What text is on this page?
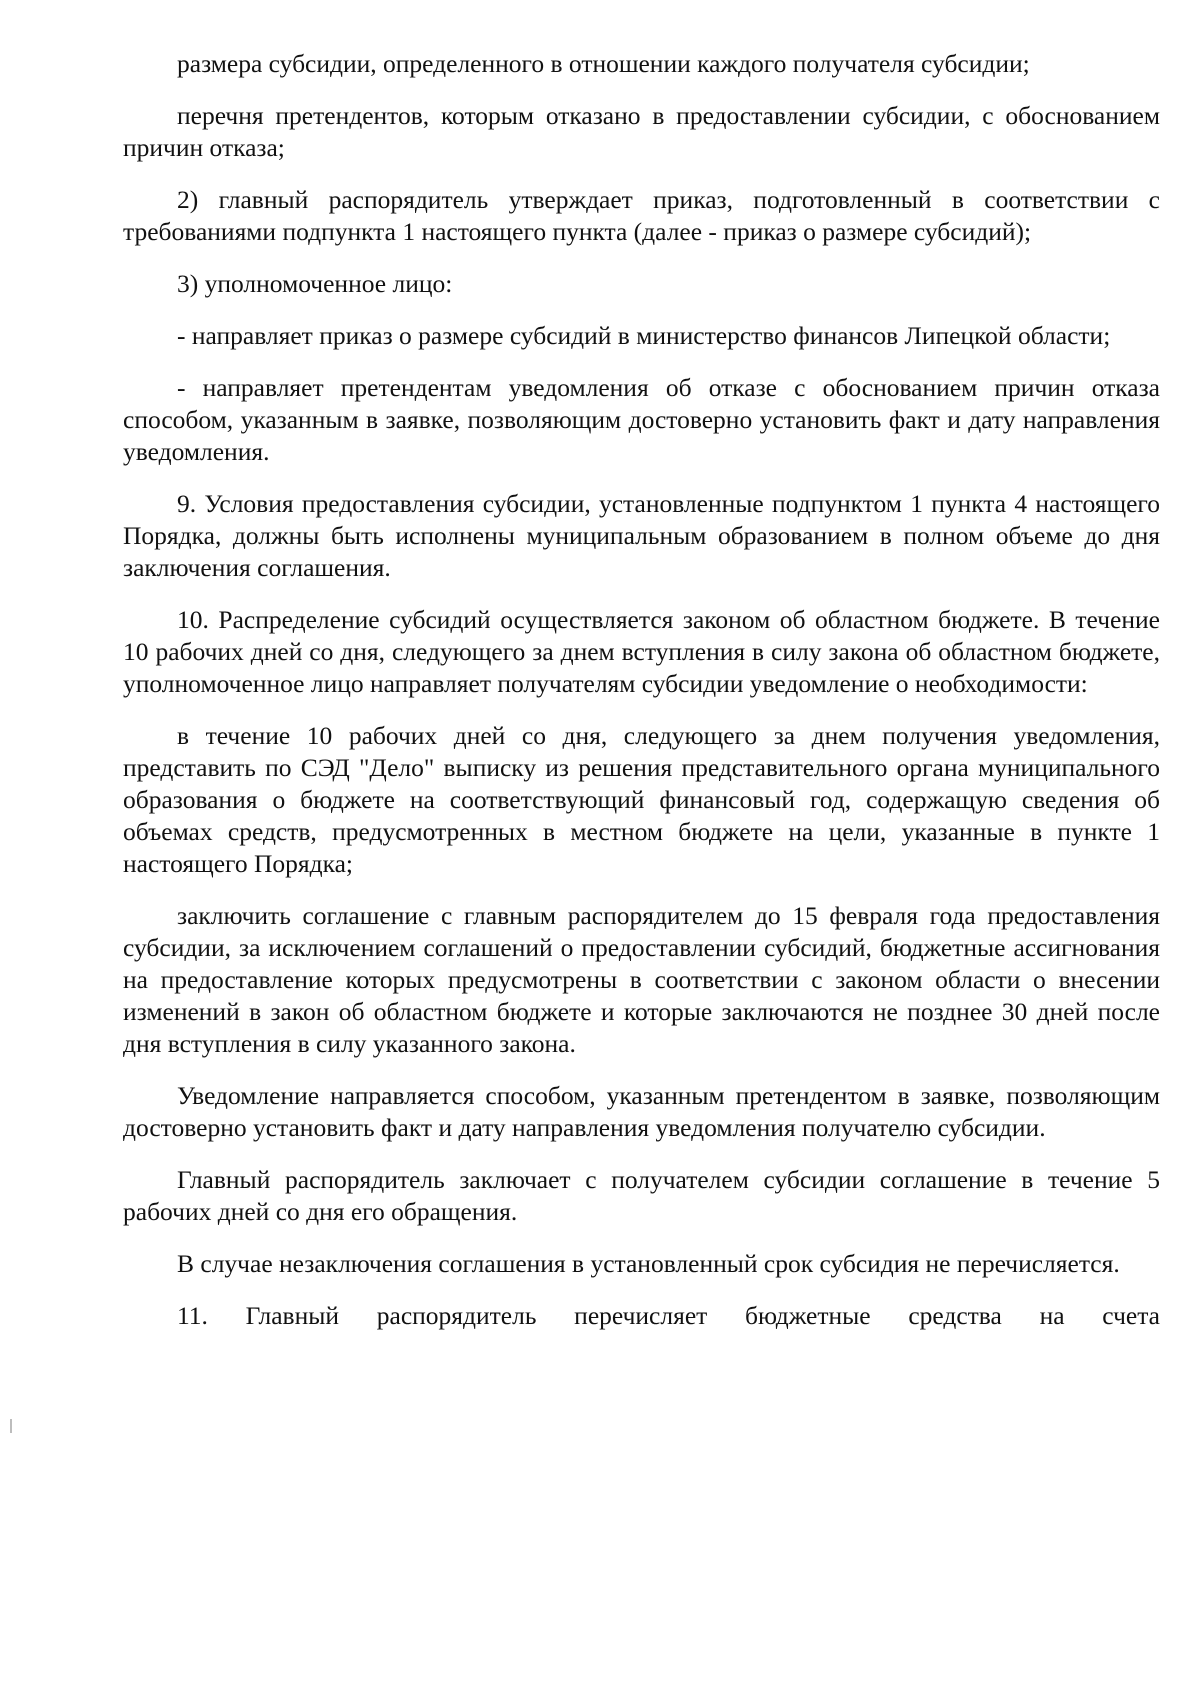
размера субсидии, определенного в отношении каждого получателя субсидии;

перечня претендентов, которым отказано в предоставлении субсидии, с обоснованием причин отказа;

2) главный распорядитель утверждает приказ, подготовленный в соответствии с требованиями подпункта 1 настоящего пункта (далее - приказ о размере субсидий);

3) уполномоченное лицо:

- направляет приказ о размере субсидий в министерство финансов Липецкой области;

- направляет претендентам уведомления об отказе с обоснованием причин отказа способом, указанным в заявке, позволяющим достоверно установить факт и дату направления уведомления.

9. Условия предоставления субсидии, установленные подпунктом 1 пункта 4 настоящего Порядка, должны быть исполнены муниципальным образованием в полном объеме до дня заключения соглашения.

10. Распределение субсидий осуществляется законом об областном бюджете. В течение 10 рабочих дней со дня, следующего за днем вступления в силу закона об областном бюджете, уполномоченное лицо направляет получателям субсидии уведомление о необходимости:

в течение 10 рабочих дней со дня, следующего за днем получения уведомления, представить по СЭД "Дело" выписку из решения представительного органа муниципального образования о бюджете на соответствующий финансовый год, содержащую сведения об объемах средств, предусмотренных в местном бюджете на цели, указанные в пункте 1 настоящего Порядка;

заключить соглашение с главным распорядителем до 15 февраля года предоставления субсидии, за исключением соглашений о предоставлении субсидий, бюджетные ассигнования на предоставление которых предусмотрены в соответствии с законом области о внесении изменений в закон об областном бюджете и которые заключаются не позднее 30 дней после дня вступления в силу указанного закона.

Уведомление направляется способом, указанным претендентом в заявке, позволяющим достоверно установить факт и дату направления уведомления получателю субсидии.

Главный распорядитель заключает с получателем субсидии соглашение в течение 5 рабочих дней со дня его обращения.

В случае незаключения соглашения в установленный срок субсидия не перечисляется.

11. Главный распорядитель перечисляет бюджетные средства на счета
